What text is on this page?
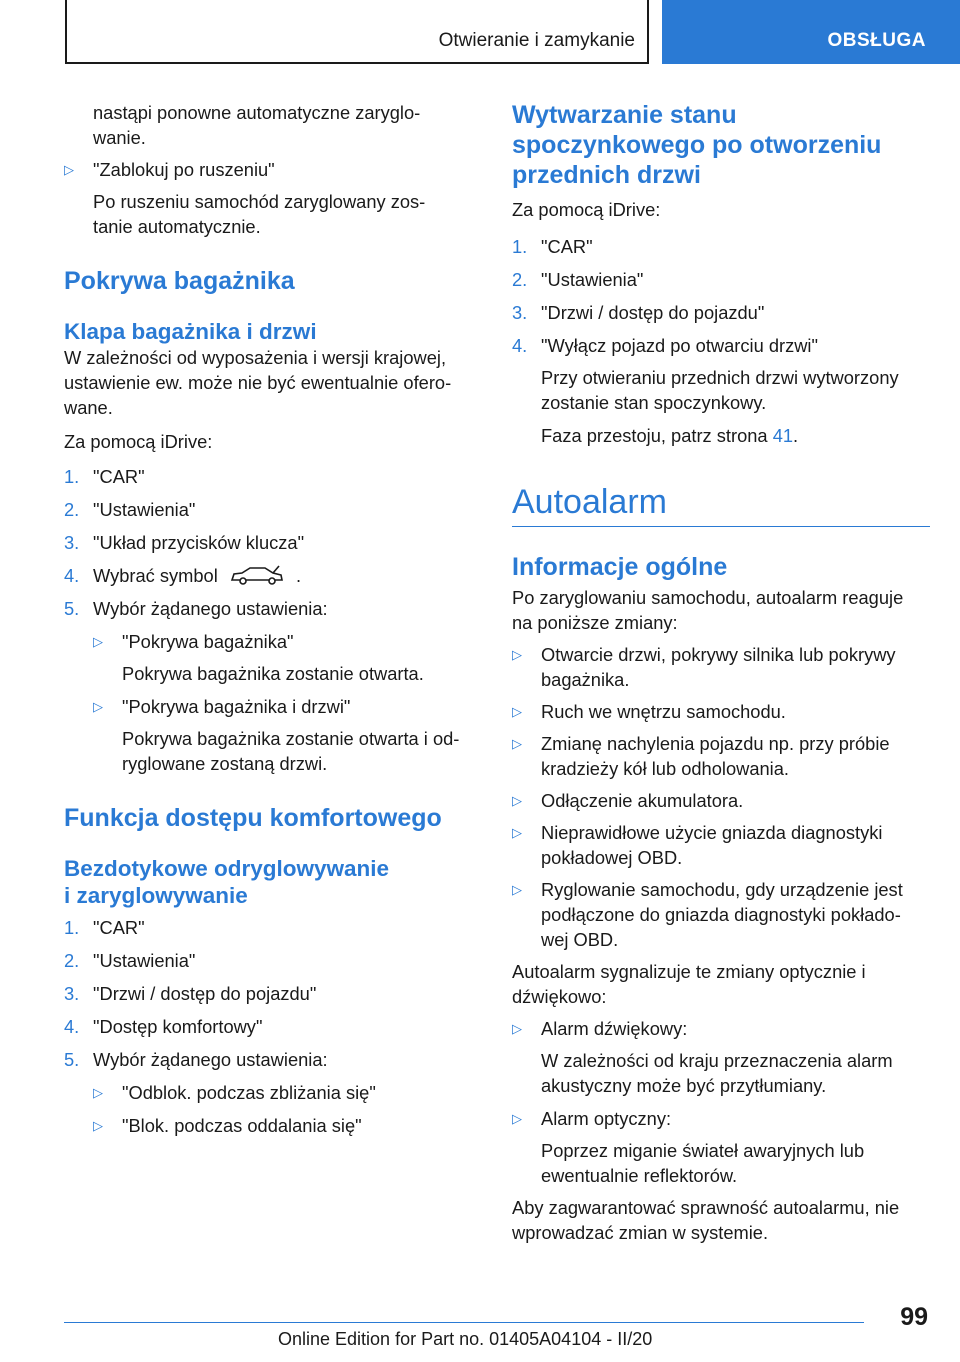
Otwieranie i zamykanie	OBSŁUGA

nastąpi ponowne automatyczne zaryglo‐

wanie.

▷ "Zablokuj po ruszeniu"

Po ruszeniu samochód zaryglowany zos‐

tanie automatycznie.

Pokrywa bagażnika
Klapa bagażnika i drzwi

W zależności od wyposażenia i wersji krajowej,

ustawienie ew. może nie być ewentualnie ofero‐

wane.

Za pomocą iDrive:

1. "CAR"
2. "Ustawienia"
3. "Układ przycisków klucza"
4. Wybrać symbol	.
5. Wybór żądanego ustawienia:
▷ "Pokrywa bagażnika"

Pokrywa bagażnika zostanie otwarta.

▷ "Pokrywa bagażnika i drzwi"

Pokrywa bagażnika zostanie otwarta i od‐

ryglowane zostaną drzwi.

Funkcja dostępu komfortowego
Bezdotykowe odryglowywanie
i zaryglowywanie
1. "CAR"
2. "Ustawienia"
3. "Drzwi / dostęp do pojazdu"
4. "Dostęp komfortowy"
5. Wybór żądanego ustawienia:
▷ "Odblok. podczas zbliżania się"

▷ "Blok. podczas oddalania się"

Wytwarzanie stanu
spoczynkowego po otworzeniu
przednich drzwi

Za pomocą iDrive:

1. "CAR"
2. "Ustawienia"
3. "Drzwi / dostęp do pojazdu"
4. "Wyłącz pojazd po otwarciu drzwi"

Przy otwieraniu przednich drzwi wytworzony

zostanie stan spoczynkowy.

Faza przestoju, patrz strona 41.

Autoalarm
Informacje ogólne

Po zaryglowaniu samochodu, autoalarm reaguje

na poniższe zmiany:

▷ Otwarcie drzwi, pokrywy silnika lub pokrywy

bagażnika.

▷ Ruch we wnętrzu samochodu.

▷ Zmianę nachylenia pojazdu np. przy próbie

kradzieży kół lub odholowania.

▷ Odłączenie akumulatora.

▷ Nieprawidłowe użycie gniazda diagnostyki

pokładowej OBD.

▷ Ryglowanie samochodu, gdy urządzenie jest

podłączone do gniazda diagnostyki pokłado‐

wej OBD.

Autoalarm sygnalizuje te zmiany optycznie i

dźwiękowo:

▷ Alarm dźwiękowy:

W zależności od kraju przeznaczenia alarm

akustyczny może być przytłumiany.

▷ Alarm optyczny:

Poprzez miganie świateł awaryjnych lub

ewentualnie reflektorów.

Aby zagwarantować sprawność autoalarmu, nie

wprowadzać zmian w systemie.

99
Online Edition for Part no. 01405A04104 - II/20
